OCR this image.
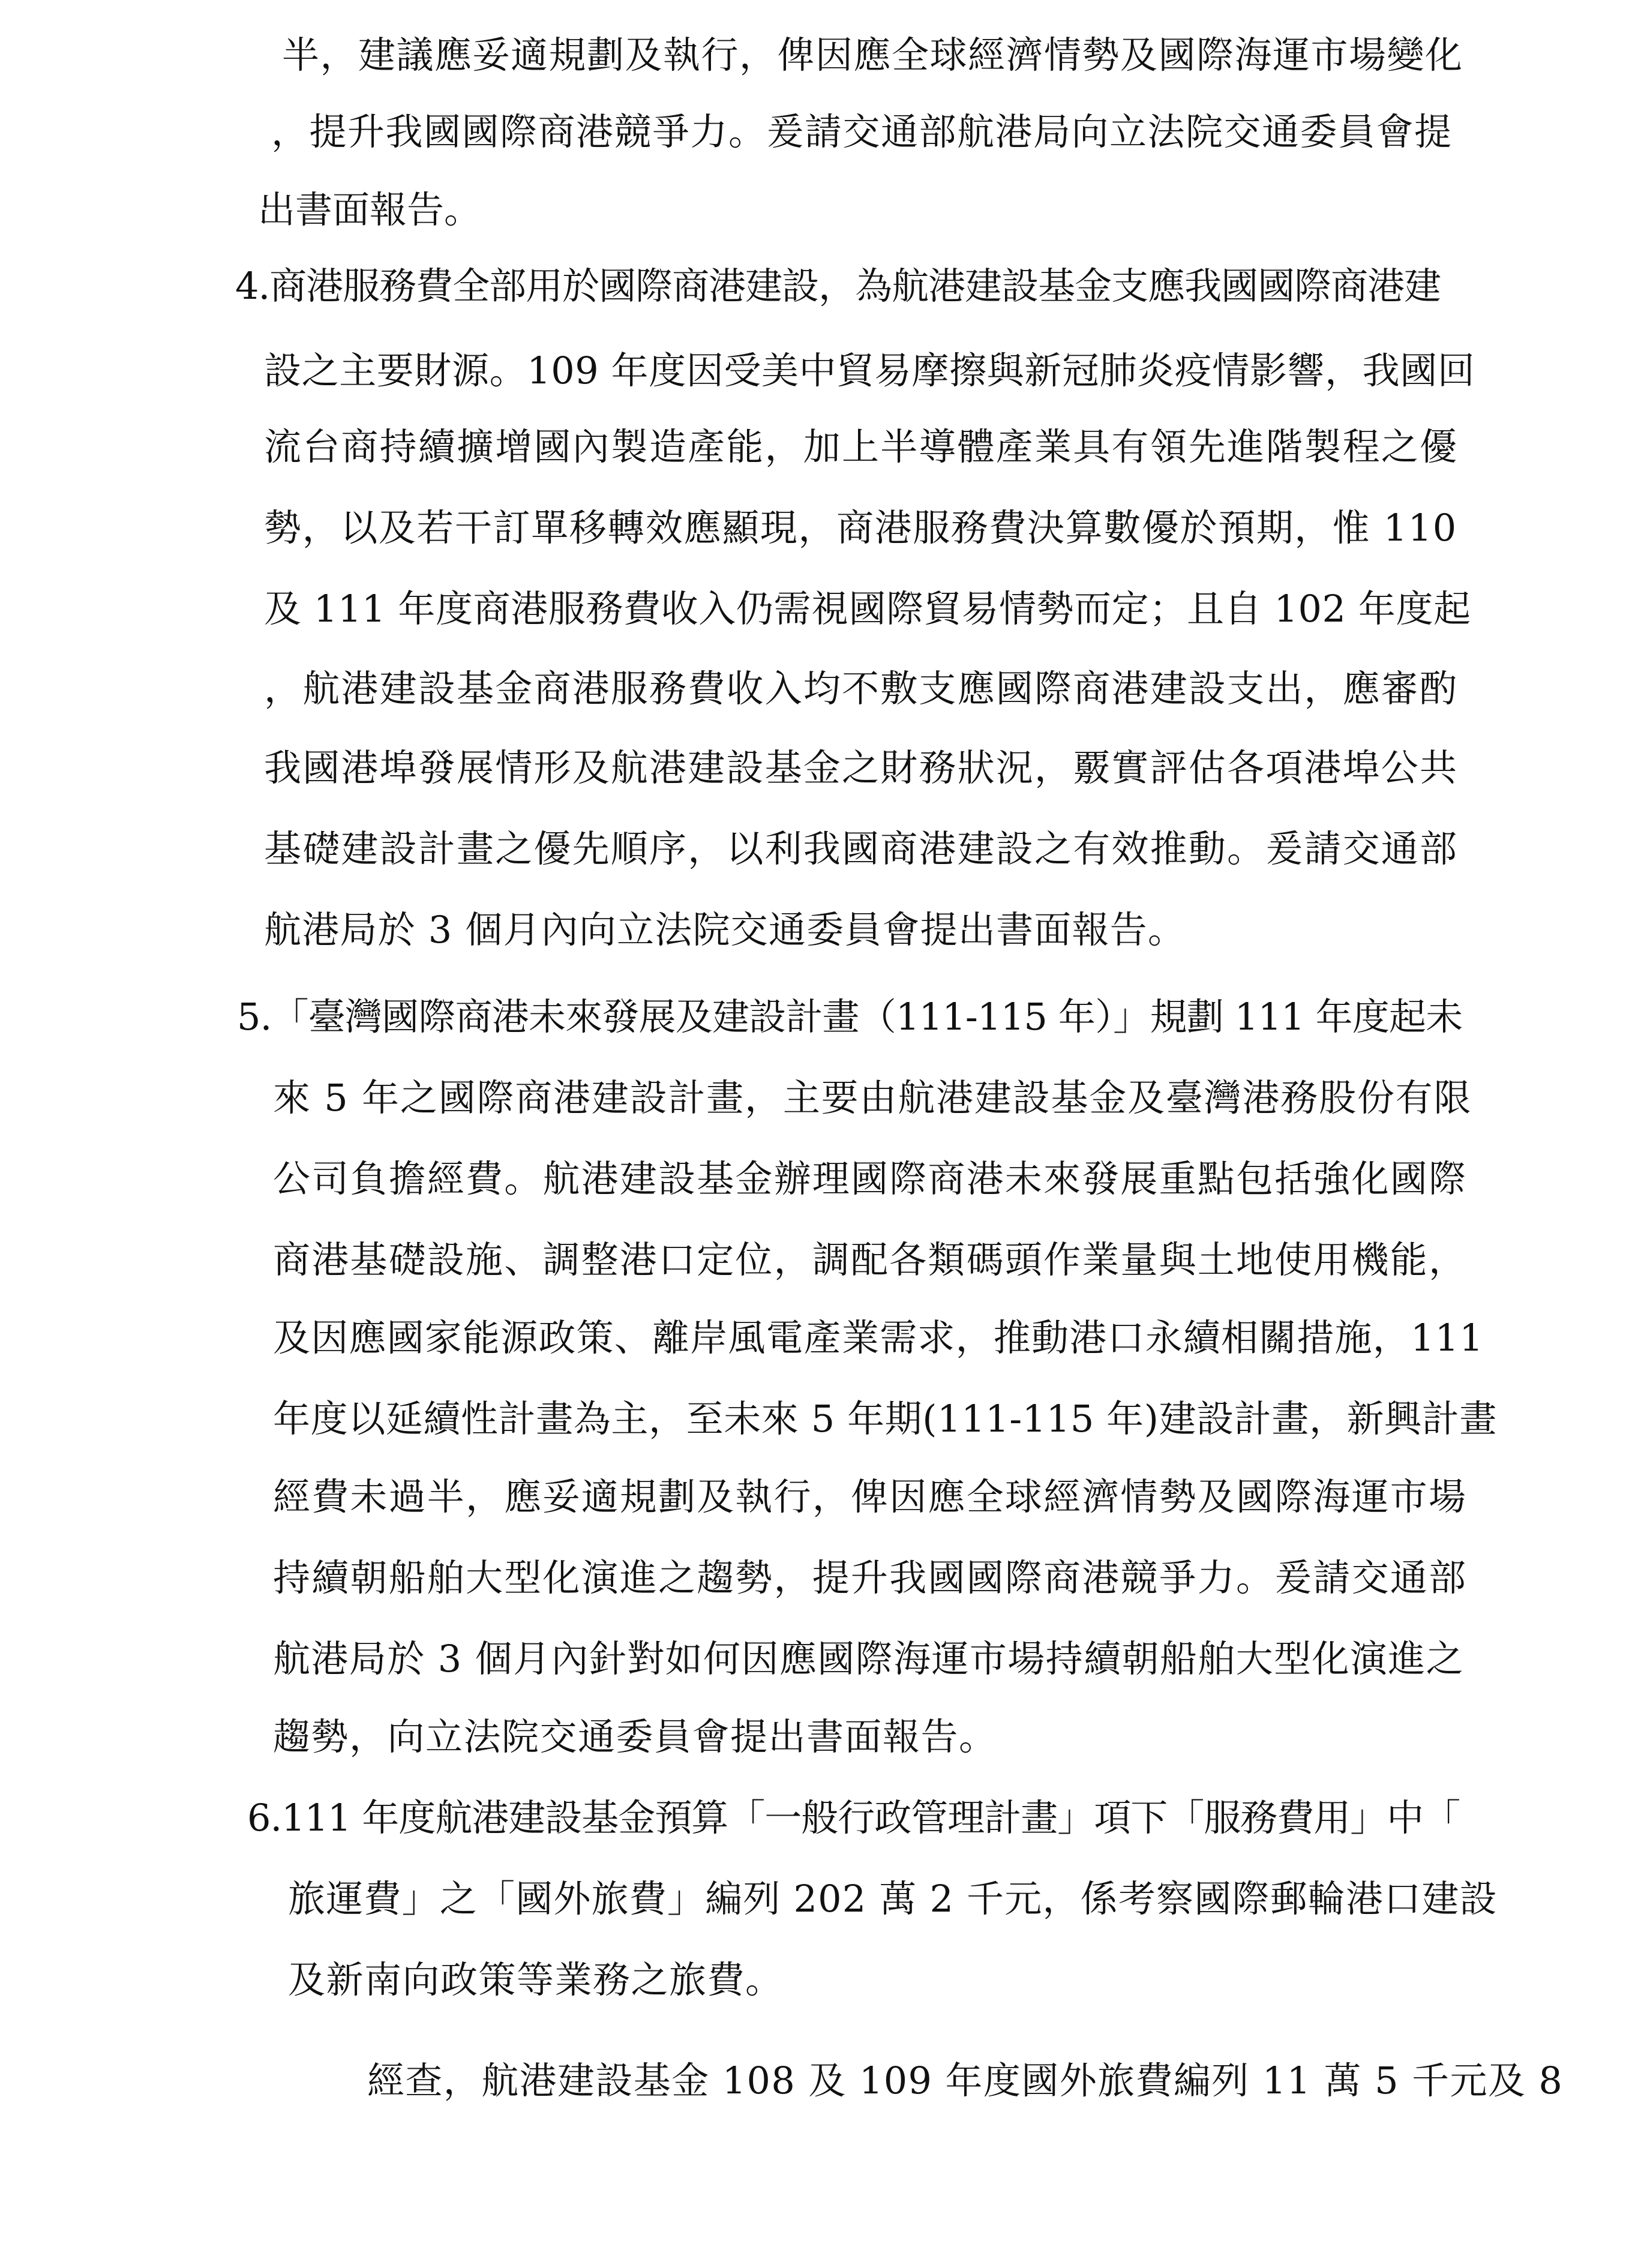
半，建議應妥適規劃及執行，俾因應全球經濟情勢及國際海運市場變化
，提升我國國際商港競爭力。爰請交通部航港局向立法院交通委員會提
出書面報告。
4.商港服務費全部用於國際商港建設，為航港建設基金支應我國國際商港建
設之主要財源。109 年度因受美中貿易摩擦與新冠肺炎疫情影響，我國回
流台商持續擴增國內製造產能，加上半導體產業具有領先進階製程之優
勢，以及若干訂單移轉效應顯現，商港服務費決算數優於預期，惟 110
及 111 年度商港服務費收入仍需視國際貿易情勢而定；且自 102 年度起
，航港建設基金商港服務費收入均不敷支應國際商港建設支出，應審酌
我國港埠發展情形及航港建設基金之財務狀況，覈實評估各項港埠公共
基礎建設計畫之優先順序，以利我國商港建設之有效推動。爰請交通部
航港局於 3 個月內向立法院交通委員會提出書面報告。
5.「臺灣國際商港未來發展及建設計畫（111-115 年）」規劃 111 年度起未
來 5 年之國際商港建設計畫，主要由航港建設基金及臺灣港務股份有限
公司負擔經費。航港建設基金辦理國際商港未來發展重點包括強化國際
商港基礎設施、調整港口定位，調配各類碼頭作業量與土地使用機能，
及因應國家能源政策、離岸風電產業需求，推動港口永續相關措施，111
年度以延續性計畫為主，至未來 5 年期(111-115 年)建設計畫，新興計畫
經費未過半，應妥適規劃及執行，俾因應全球經濟情勢及國際海運市場
持續朝船舶大型化演進之趨勢，提升我國國際商港競爭力。爰請交通部
航港局於 3 個月內針對如何因應國際海運市場持續朝船舶大型化演進之
趨勢，向立法院交通委員會提出書面報告。
6.111 年度航港建設基金預算「一般行政管理計畫」項下「服務費用」中「
旅運費」之「國外旅費」編列 202 萬 2 千元，係考察國際郵輪港口建設
及新南向政策等業務之旅費。
經查，航港建設基金 108 及 109 年度國外旅費編列 11 萬 5 千元及 8
